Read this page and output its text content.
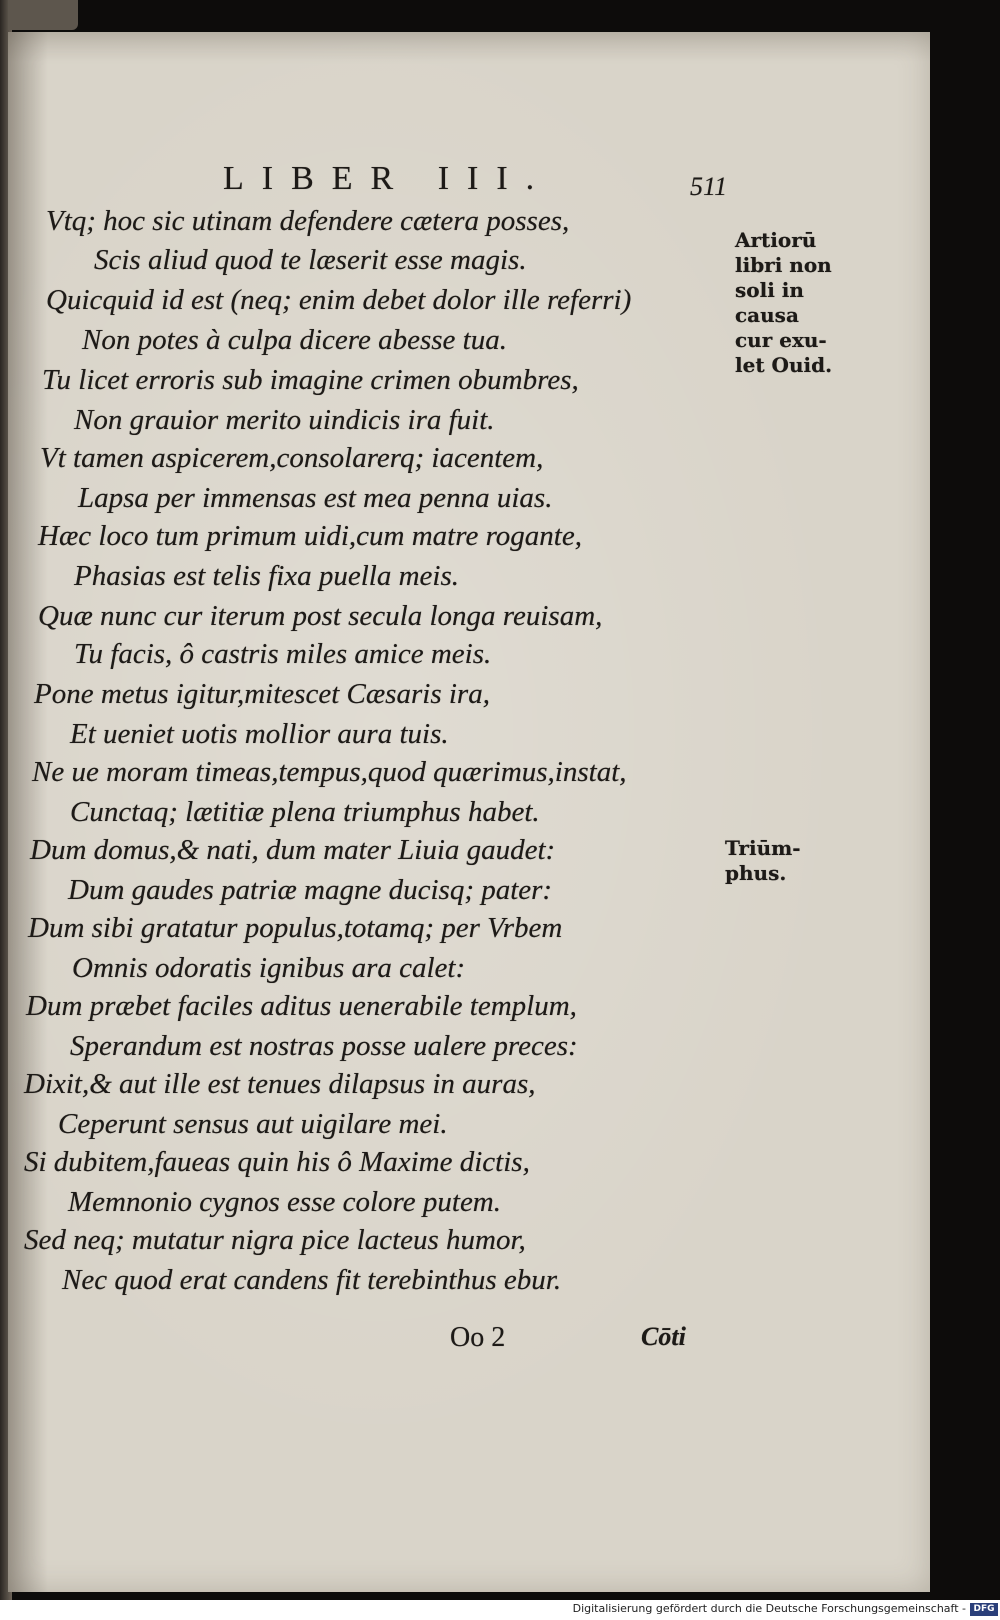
LIBER III.	511
Vtq; hoc sic utinam defendere cætera posses,
Scis aliud quod te læserit esse magis.
Quicquid id est (neq; enim debet dolor ille referri)
Non potes à culpa dicere abesse tua.
Tu licet erroris sub imagine crimen obumbres,
Non grauior merito uindicis ira fuit.
Vt tamen aspicerem,consolarerq; iacentem,
Lapsa per immensas est mea penna uias.
Hæc loco tum primum uidi,cum matre rogante,
Phasias est telis fixa puella meis.
Quæ nunc cur iterum post secula longa reuisam,
Tu facis, ô castris miles amice meis.
Pone metus igitur,mitescet Cæsaris ira,
Et ueniet uotis mollior aura tuis.
Ne ue moram timeas,tempus,quod quærimus,instat,
Cunctaq; lætitiæ plena triumphus habet.
Dum domus,& nati, dum mater Liuia gaudet:
Dum gaudes patriæ magne ducisq; pater:
Dum sibi gratatur populus,totamq; per Vrbem
Omnis odoratis ignibus ara calet:
Dum præbet faciles aditus uenerabile templum,
Sperandum est nostras posse ualere preces:
Dixit,& aut ille est tenues dilapsus in auras,
Ceperunt sensus aut uigilare mei.
Si dubitem,faueas quin his ô Maxime dictis,
Memnonio cygnos esse colore putem.
Sed neq; mutatur nigra pice lacteus humor,
Nec quod erat candens fit terebinthus ebur.
Artiorū
libri non
soli in
causa
cur exu-
let Ouid.
Triūm-
phus.
Oo 2	Cōti
Digitalisierung gefördert durch die Deutsche Forschungsgemeinschaft - DFG
